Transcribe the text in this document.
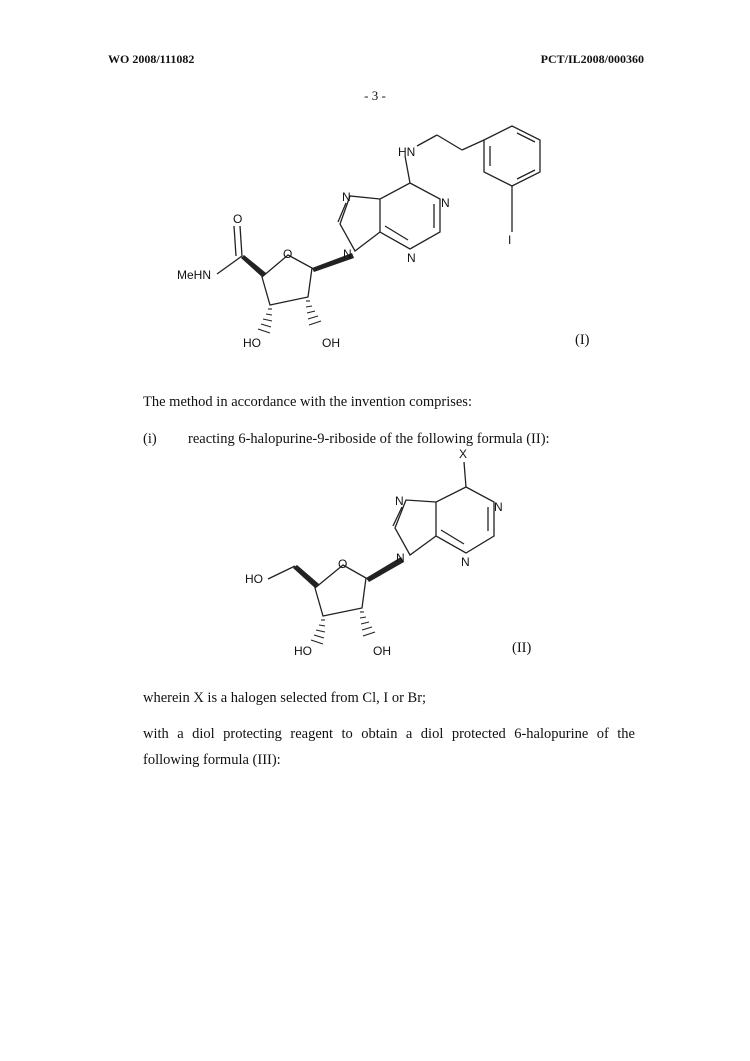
WO 2008/111082	PCT/IL2008/000360
- 3 -
HN
I
N
N
N
N
O
O
MeHN
HO	OH	(I)
The method in accordance with the invention comprises:
(i) reacting 6-halopurine-9-riboside of the following formula (II):
X
N
N
N
N
O
HO
HO	OH	(II)
wherein X is a halogen selected from Cl, I or Br;
with a diol protecting reagent to obtain a diol protected 6-halopurine of the
following formula (III):
